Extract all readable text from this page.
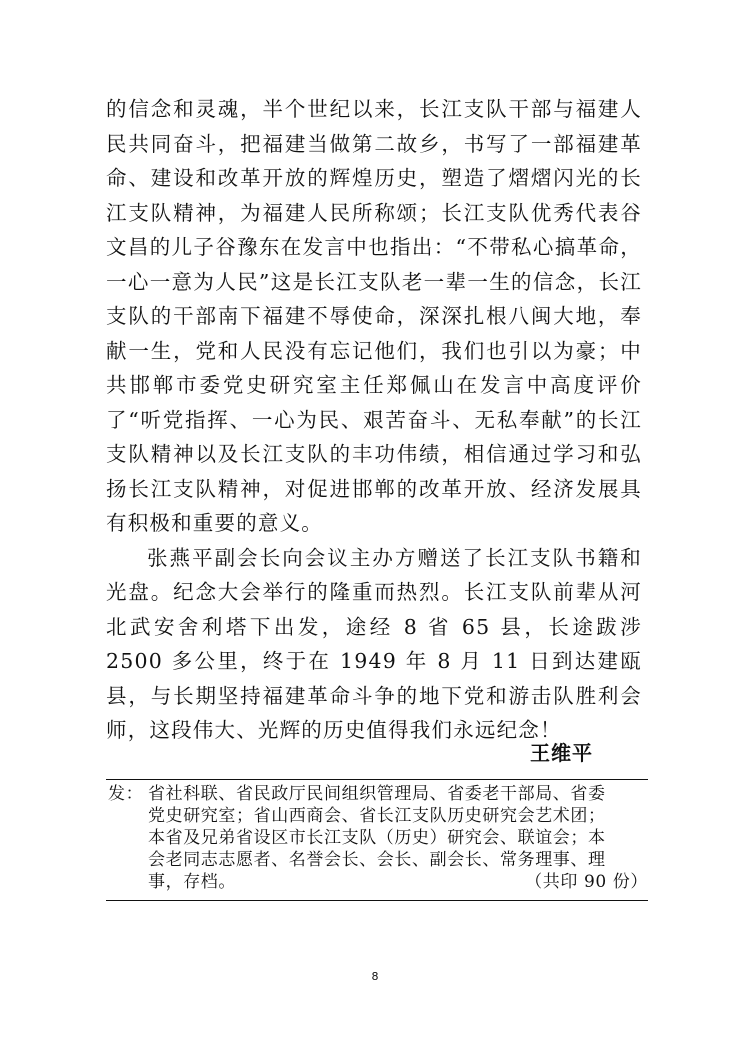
的信念和灵魂，半个世纪以来，长江支队干部与福建人民共同奋斗，把福建当做第二故乡，书写了一部福建革命、建设和改革开放的辉煌历史，塑造了熠熠闪光的长江支队精神，为福建人民所称颂；长江支队优秀代表谷文昌的儿子谷豫东在发言中也指出：“不带私心搞革命，一心一意为人民”这是长江支队老一辈一生的信念，长江支队的干部南下福建不辱使命，深深扎根八闽大地，奉献一生，党和人民没有忘记他们，我们也引以为豪；中共邯郸市委党史研究室主任郑佩山在发言中高度评价了“听党指挥、一心为民、艰苦奋斗、无私奉献”的长江支队精神以及长江支队的丰功伟绩，相信通过学习和弘扬长江支队精神，对促进邯郸的改革开放、经济发展具有积极和重要的意义。

张燕平副会长向会议主办方赠送了长江支队书籍和光盘。纪念大会举行的隆重而热烈。长江支队前辈从河北武安舍利塔下出发，途经 8 省 65 县，长途跋涉 2500 多公里，终于在 1949 年 8 月 11 日到达建瓯县，与长期坚持福建革命斗争的地下党和游击队胜利会师，这段伟大、光辉的历史值得我们永远纪念！

王维平
发： 省社科联、省民政厅民间组织管理局、省委老干部局、省委
党史研究室；省山西商会、省长江支队历史研究会艺术团；
本省及兄弟省设区市长江支队（历史）研究会、联谊会；本
会老同志志愿者、名誉会长、会长、副会长、常务理事、理
事，存档。	（共印 90 份）
8
